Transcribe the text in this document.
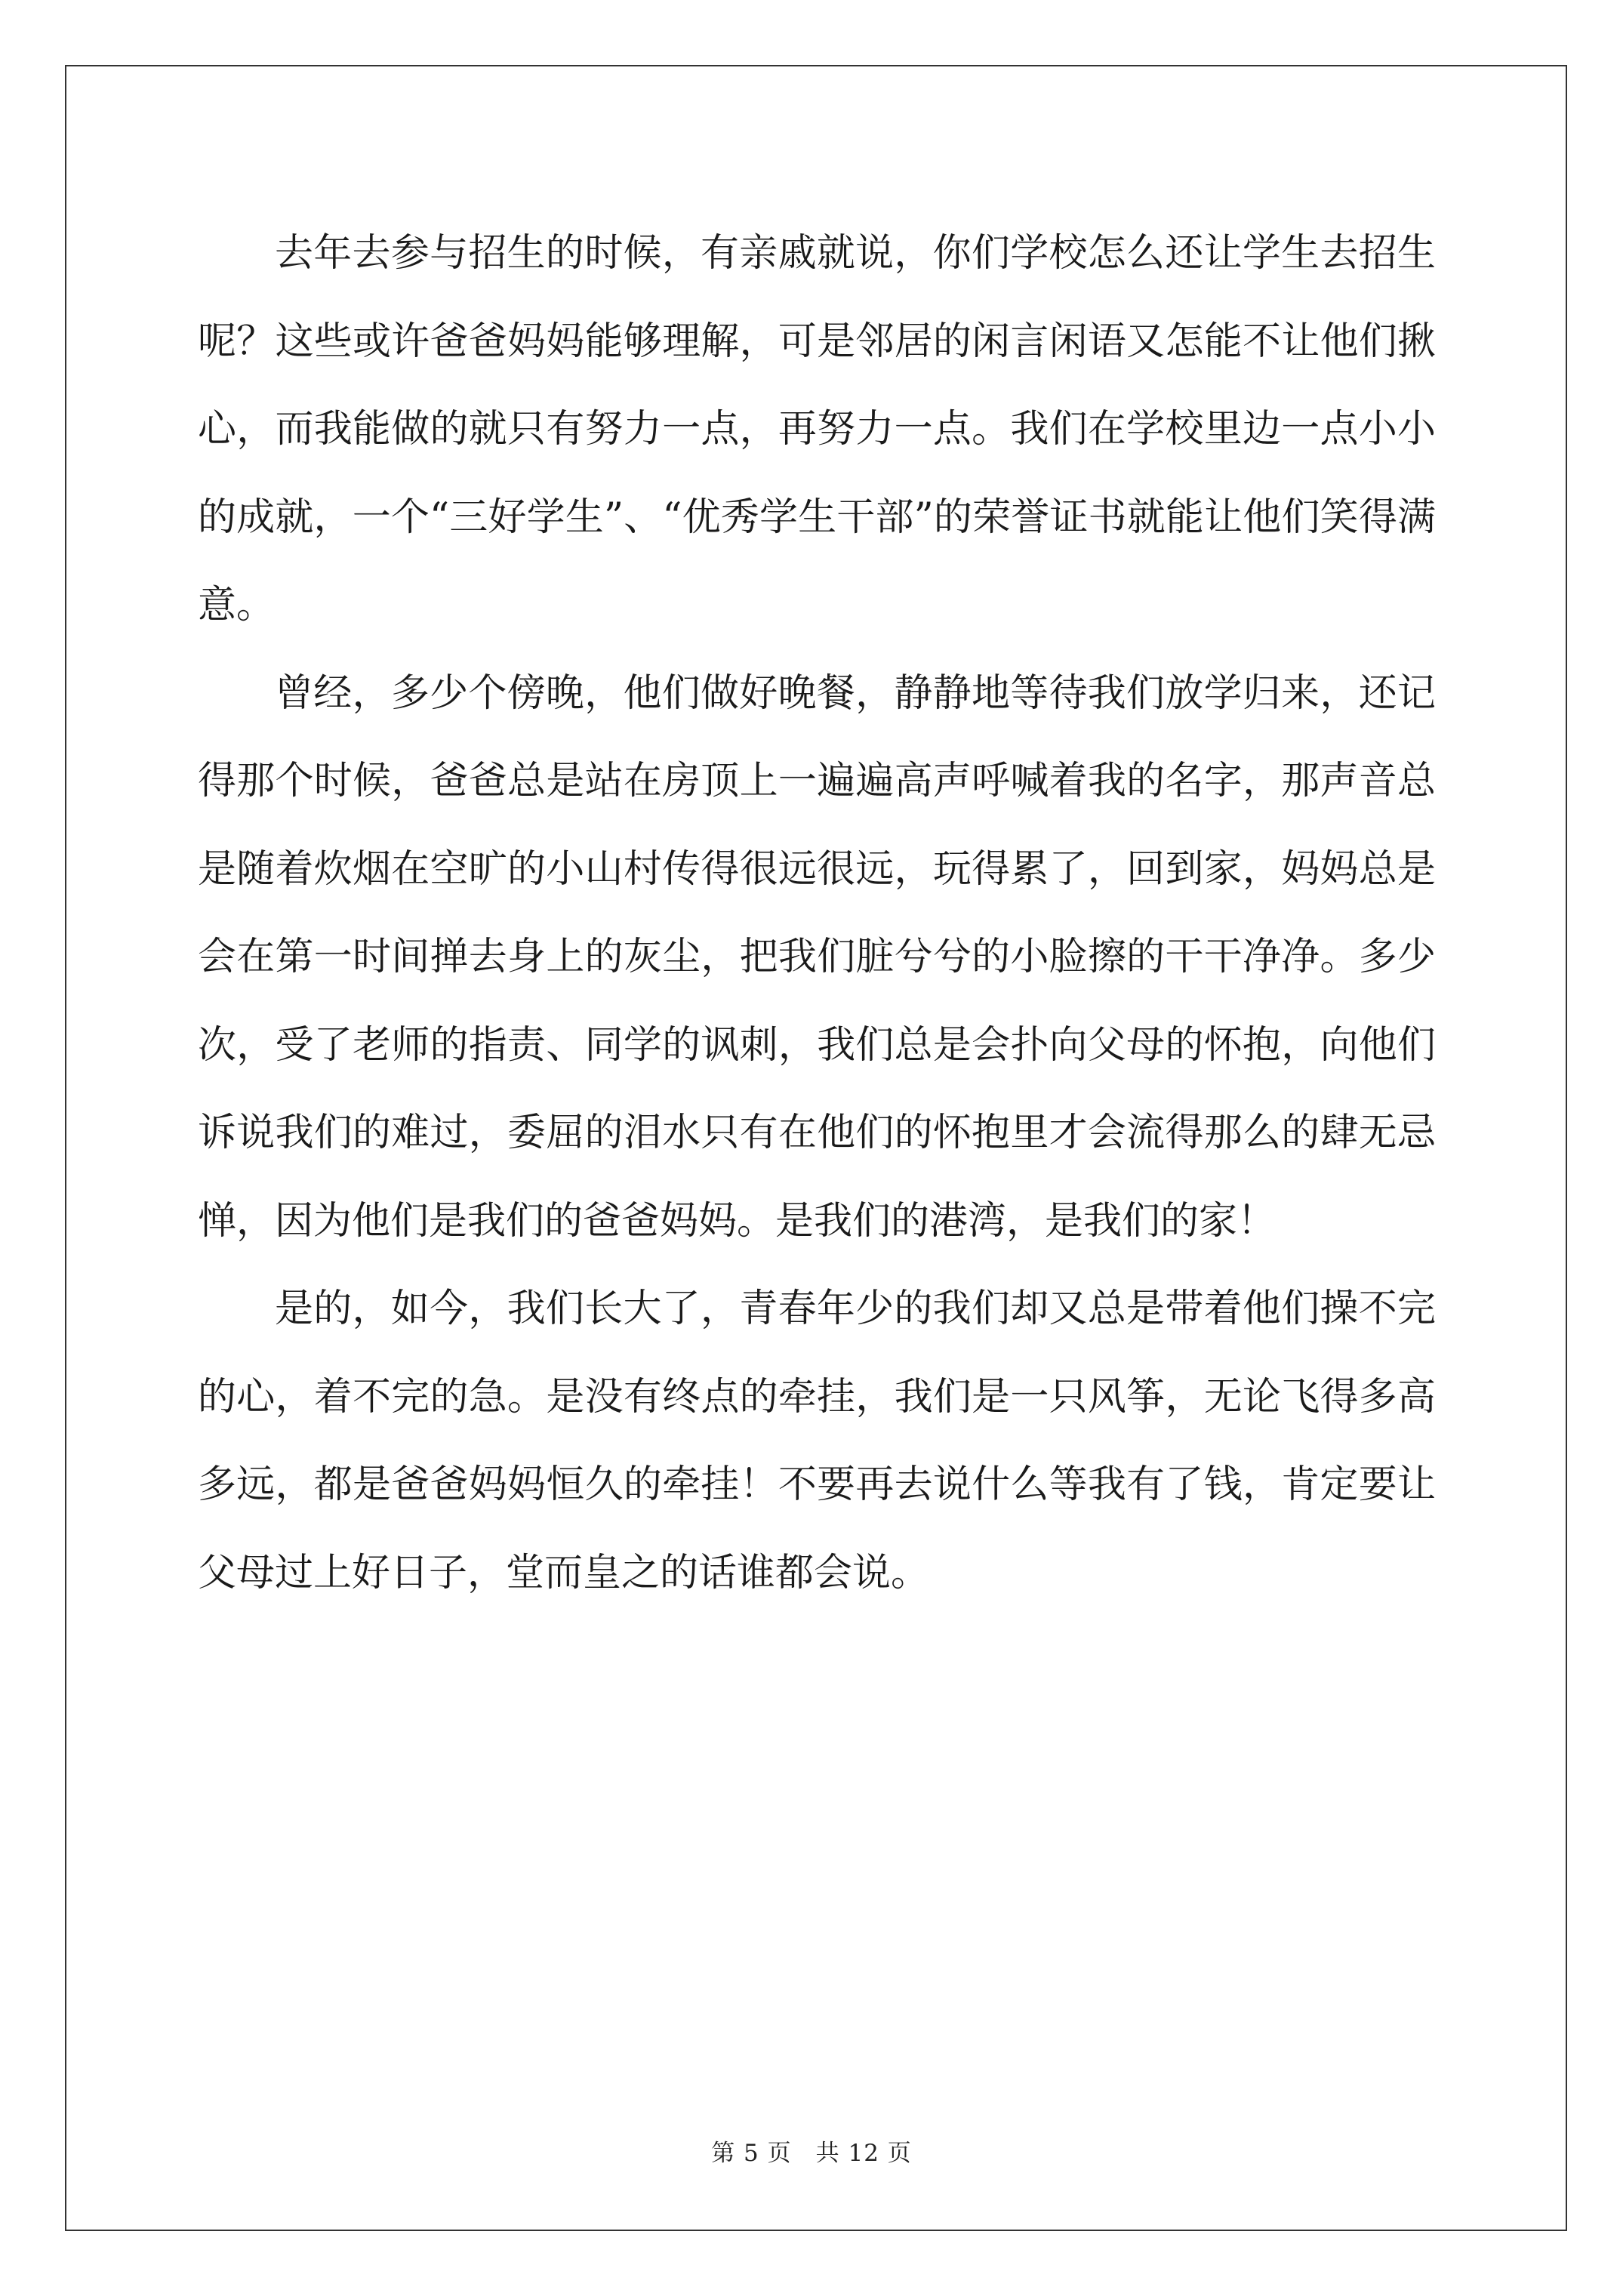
去年去参与招生的时候，有亲戚就说，你们学校怎么还让学生去招生呢？这些或许爸爸妈妈能够理解，可是邻居的闲言闲语又怎能不让他们揪心，而我能做的就只有努力一点，再努力一点。我们在学校里边一点小小的成就，一个“三好学生”、“优秀学生干部”的荣誉证书就能让他们笑得满意。

曾经，多少个傍晚，他们做好晚餐，静静地等待我们放学归来，还记得那个时候，爸爸总是站在房顶上一遍遍高声呼喊着我的名字，那声音总是随着炊烟在空旷的小山村传得很远很远，玩得累了，回到家，妈妈总是会在第一时间掸去身上的灰尘，把我们脏兮兮的小脸擦的干干净净。多少次，受了老师的指责、同学的讽刺，我们总是会扑向父母的怀抱，向他们诉说我们的难过，委屈的泪水只有在他们的怀抱里才会流得那么的肆无忌惮，因为他们是我们的爸爸妈妈。是我们的港湾，是我们的家！

是的，如今，我们长大了，青春年少的我们却又总是带着他们操不完的心，着不完的急。是没有终点的牵挂，我们是一只风筝，无论飞得多高多远，都是爸爸妈妈恒久的牵挂！不要再去说什么等我有了钱，肯定要让父母过上好日子，堂而皇之的话谁都会说。

第 5 页　共 12 页
